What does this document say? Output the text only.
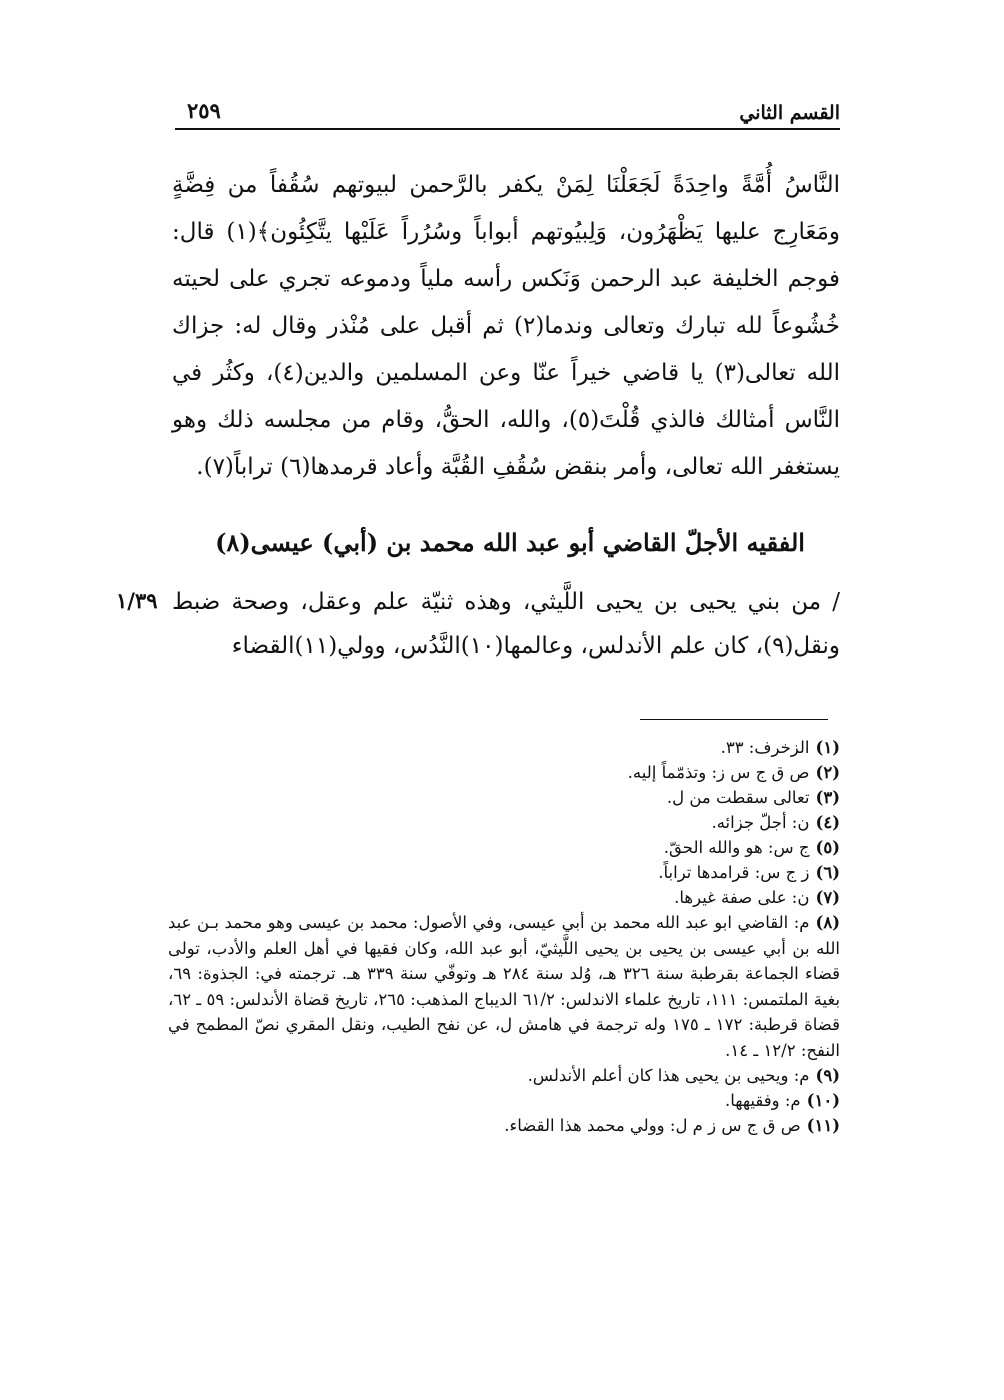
القسم الثاني
٢٥٩

النَّاسُ أُمَّةً واحِدَةً لَجَعَلْنَا لِمَنْ يكفر بالرَّحمن لبيوتهم سُقُفاً من فِضَّةٍ ومَعَارِج عليها يَظْهَرُون، وَلِبيُوتهم أبواباً وسُرُراً عَلَيْها يتَّكِئُون﴾(١) قال: فوجم الخليفة عبد الرحمن وَنَكس رأسه ملياً ودموعه تجري على لحيته خُشُوعاً لله تبارك وتعالى وندما(٢) ثم أقبل على مُنْذر وقال له: جزاك الله تعالى(٣) يا قاضي خيراً عنّا وعن المسلمين والدين(٤)، وكثُر في النَّاس أمثالك فالذي قُلْتَ(٥)، والله، الحقُّ، وقام من مجلسه ذلك وهو يستغفر الله تعالى، وأمر بنقض سُقُفِ القُبَّة وأعاد قرمدها(٦) تراباً(٧).

الفقيه الأجلّ القاضي أبو عبد الله محمد بن (أبي) عيسى(٨)
١/٣٩ / من بني يحيى بن يحيى اللَّيثي، وهذه ثنيّة علم وعقل، وصحة ضبط ونقل(٩)، كان علم الأندلس، وعالمها(١٠)النَّدُس، وولي(١١)القضاء

(١)الزخرف: ٣٣.
(٢)ص ق ج س ز: وتذمّماً إليه.
(٣)تعالى سقطت من ل.
(٤)ن: أجلّ جزائه.
(٥)ج س: هو والله الحقّ.
(٦)ز ج س: قرامدها تراباً.
(٧)ن: على صفة غيرها.
(٨)م: القاضي ابو عبد الله محمد بن أبي عيسى، وفي الأصول: محمد بن عيسى وهو محمد بـن عبد الله بن أبي عيسى بن يحيى بن يحيى اللَّيثيّ، أبو عبد الله، وكان فقيها في أهل العلم والأدب، تولى قضاء الجماعة بقرطبة سنة ٣٢٦ هـ، وُلد سنة ٢٨٤ هـ وتوفّي سنة ٣٣٩ هـ. ترجمته في: الجذوة: ٦٩، بغية الملتمس: ١١١، تاريخ علماء الاندلس: ٦١/٢ الديباج المذهب: ٢٦٥، تاريخ قضاة الأندلس: ٥٩ ـ ٦٢، قضاة قرطبة: ١٧٢ ـ ١٧٥ وله ترجمة في هامش ل، عن نفح الطيب، ونقل المقري نصّ المطمح في النفح: ١٢/٢ ـ ١٤.
(٩)م: ويحيى بن يحيى هذا كان أعلم الأندلس.
(١٠)م: وفقيهها.
(١١)ص ق ج س ز م ل: وولي محمد هذا القضاء.
